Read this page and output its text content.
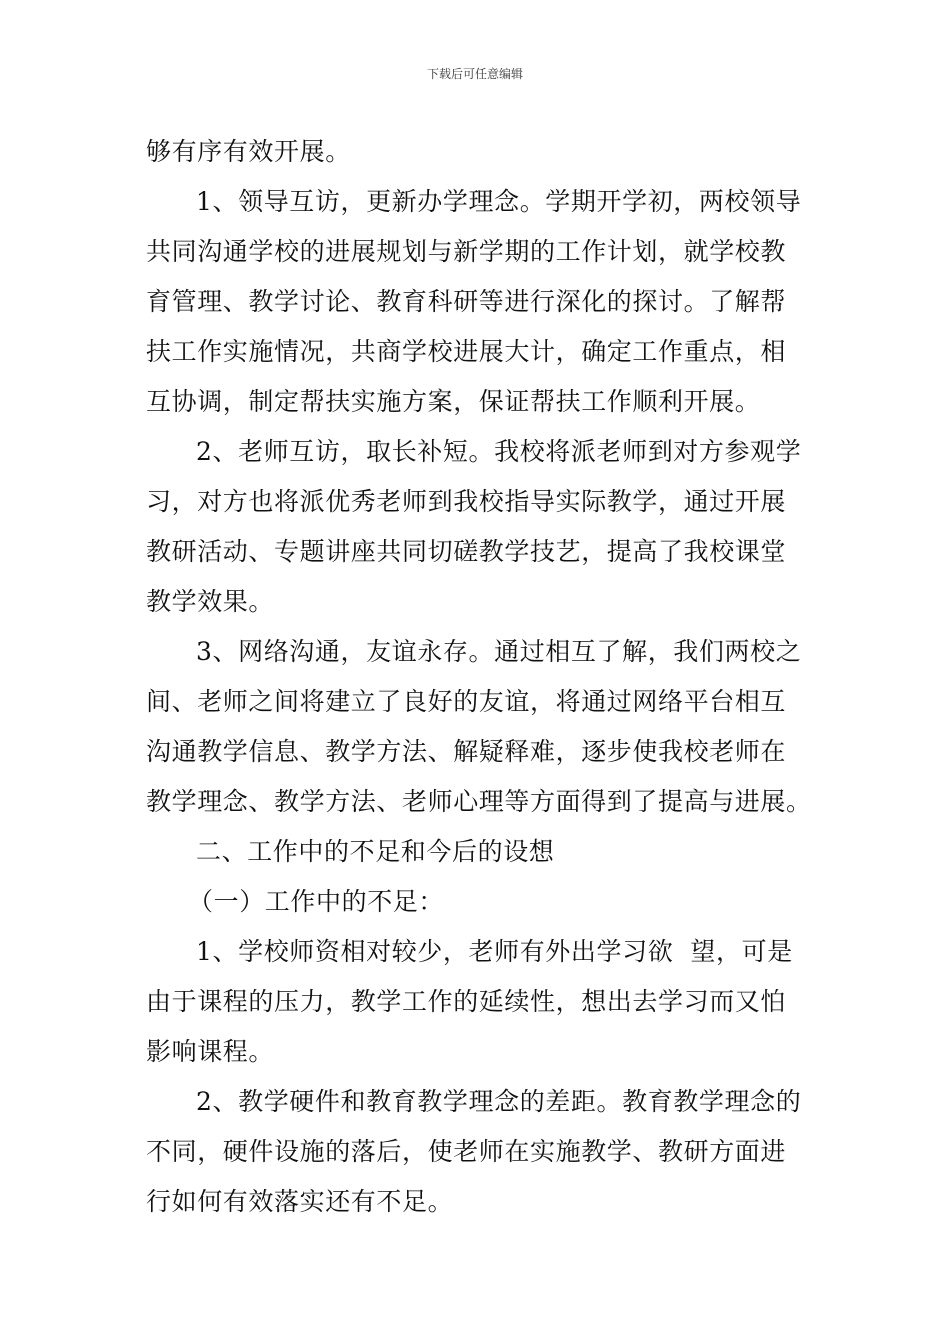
下载后可任意编辑
够有序有效开展。
1、领导互访，更新办学理念。学期开学初，两校领导
共同沟通学校的进展规划与新学期的工作计划，就学校教
育管理、教学讨论、教育科研等进行深化的探讨。了解帮
扶工作实施情况，共商学校进展大计，确定工作重点，相
互协调，制定帮扶实施方案，保证帮扶工作顺利开展。
2、老师互访，取长补短。我校将派老师到对方参观学
习，对方也将派优秀老师到我校指导实际教学，通过开展
教研活动、专题讲座共同切磋教学技艺，提高了我校课堂
教学效果。
3、网络沟通，友谊永存。通过相互了解，我们两校之
间、老师之间将建立了良好的友谊，将通过网络平台相互
沟通教学信息、教学方法、解疑释难，逐步使我校老师在
教学理念、教学方法、老师心理等方面得到了提高与进展。
二、工作中的不足和今后的设想
（一）工作中的不足：
1、学校师资相对较少，老师有外出学习欲  望，可是
由于课程的压力，教学工作的延续性，想出去学习而又怕
影响课程。
2、教学硬件和教育教学理念的差距。教育教学理念的
不同，硬件设施的落后，使老师在实施教学、教研方面进
行如何有效落实还有不足。
